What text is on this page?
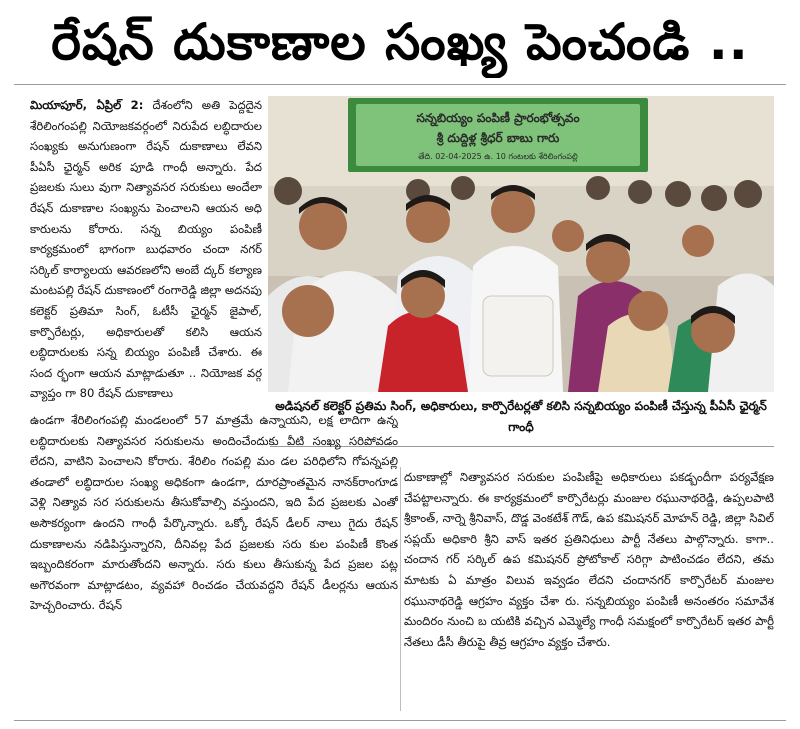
రేషన్ దుకాణాల సంఖ్య పెంచండి ..
మియాపూర్, ఏప్రిల్ 2: దేశంలోని అతి పెద్దదైన శేరిలింగంపల్లి నియోజకవర్గంలో నిరుపేద లబ్ధిదారుల సంఖ్యకు అనుగుణంగా రేషన్ దుకాణాలు లేవని పీఏసీ ఛైర్మన్ అరిక పూడి గాంధీ అన్నారు. పేద ప్రజలకు సులు వుగా నిత్యావసర సరుకులు అందేలా రేషన్ దుకాణాల సంఖ్యను పెంచాలని ఆయన అధి కారులను కోరారు. సన్న బియ్యం పంపిణీ కార్యక్రమంలో భాగంగా బుధవారం చందా నగర్ సర్కిల్ కార్యాలయ ఆవరణలోని అంబే ద్కర్ కల్యాణ మంటపల్లి రేషన్ దుకాణంలో రంగారెడ్డి జిల్లా అదనపు కలెక్టర్ ప్రతిమా సింగ్, ఓటీసీ ఛైర్మన్ జైపాల్, కార్పొరేటర్లు, అధికారులతో కలిసి ఆయన లబ్ధిదారులకు సన్న బియ్యం పంపిణీ చేశారు. ఈ సంద ర్భంగా ఆయన మాట్లాడుతూ .. నియోజక వర్గ వ్యాప్తం గా 80 రేషన్ దుకాణాలు
సన్నబియ్యం పంపిణీ ప్రారంభోత్సవం
శ్రీ దుద్దిళ్ల శ్రీధర్ బాబు గారు
తేది. 02-04-2025 ఉ. 10 గంటలకు శేరిలింగంపల్లి
అడిషనల్ కలెక్టర్ ప్రతిమ సింగ్, అధికారులు, కార్పొరేటర్లతో కలిసి సన్నబియ్యం పంపిణీ చేస్తున్న పీఏసీ ఛైర్మన్ గాంధీ
ఉండగా శేరిలింగంపల్లి మండలంలో 57 మాత్రమే ఉన్నాయని, లక్ష లాదిగా ఉన్న లబ్ధిదారులకు నిత్యావసర సరుకులను అందించేందుకు వీటి సంఖ్య సరిపోవడం లేదని, వాటిని పెంచాలని కోరారు. శేరిలిం గంపల్లి మం డల పరిధిలోని గోపన్నపల్లి తండాలో లబ్ధిదారుల సంఖ్య అధికంగా ఉండగా, దూరప్రాంతమైన నానక్‌రాంగూడ వెళ్లి నిత్యావ సర సరుకులను తీసుకోవాల్సి వస్తుందని, ఇది పేద ప్రజలకు ఎంతో అసౌకర్యంగా ఉందని గాంధీ పేర్కొన్నారు. ఒక్కో రేషన్ డీలర్ నాలు గైదు రేషన్ దుకాణాలను నడిపిస్తున్నారని, దీనివల్ల పేద ప్రజలకు సరు కుల పంపిణీ కొంత ఇబ్బందికరంగా మారుతోందని అన్నారు. సరు కులు తీసుకున్న పేద ప్రజల పట్ల అగౌరవంగా మాట్లాడటం, వ్యవహా రించడం చేయవద్దని రేషన్ డీలర్లను ఆయన హెచ్చరించారు. రేషన్
దుకాణాల్లో నిత్యావసర సరుకుల పంపిణీపై అధికారులు పకడ్బందీగా పర్యవేక్షణ చేపట్టాలన్నారు. ఈ కార్యక్రమంలో కార్పొరేటర్లు మంజుల రఘునాథరెడ్డి, ఉప్పలపాటి శ్రీకాంత్, నార్నె శ్రీనివాస్, దొడ్డ వెంకటేశ్ గౌడ్, ఉప కమిషనర్ మోహన్ రెడ్డి, జిల్లా సివిల్ సప్లయ్ అధికారి శ్రీని వాస్ ఇతర ప్రతినిధులు పార్టీ నేతలు పాల్గొన్నారు. కాగా.. చందాన గర్ సర్కిల్ ఉప కమిషనర్ ప్రోటోకాల్ సరిగ్గా పాటించడం లేదని, తమ మాటకు ఏ మాత్రం విలువ ఇవ్వడం లేదని చందానగర్ కార్పొరేటర్ మంజుల రఘునాథరెడ్డి ఆగ్రహం వ్యక్తం చేశా రు. సన్నబియ్యం పంపిణీ అనంతరం సమావేశ మందిరం నుంచి బ యటికి వచ్చిన ఎమ్మెల్యే గాంధీ సమక్షంలో కార్పొరేటర్ ఇతర పార్టీ నేతలు డీసీ తీరుపై తీవ్ర ఆగ్రహం వ్యక్తం చేశారు.
